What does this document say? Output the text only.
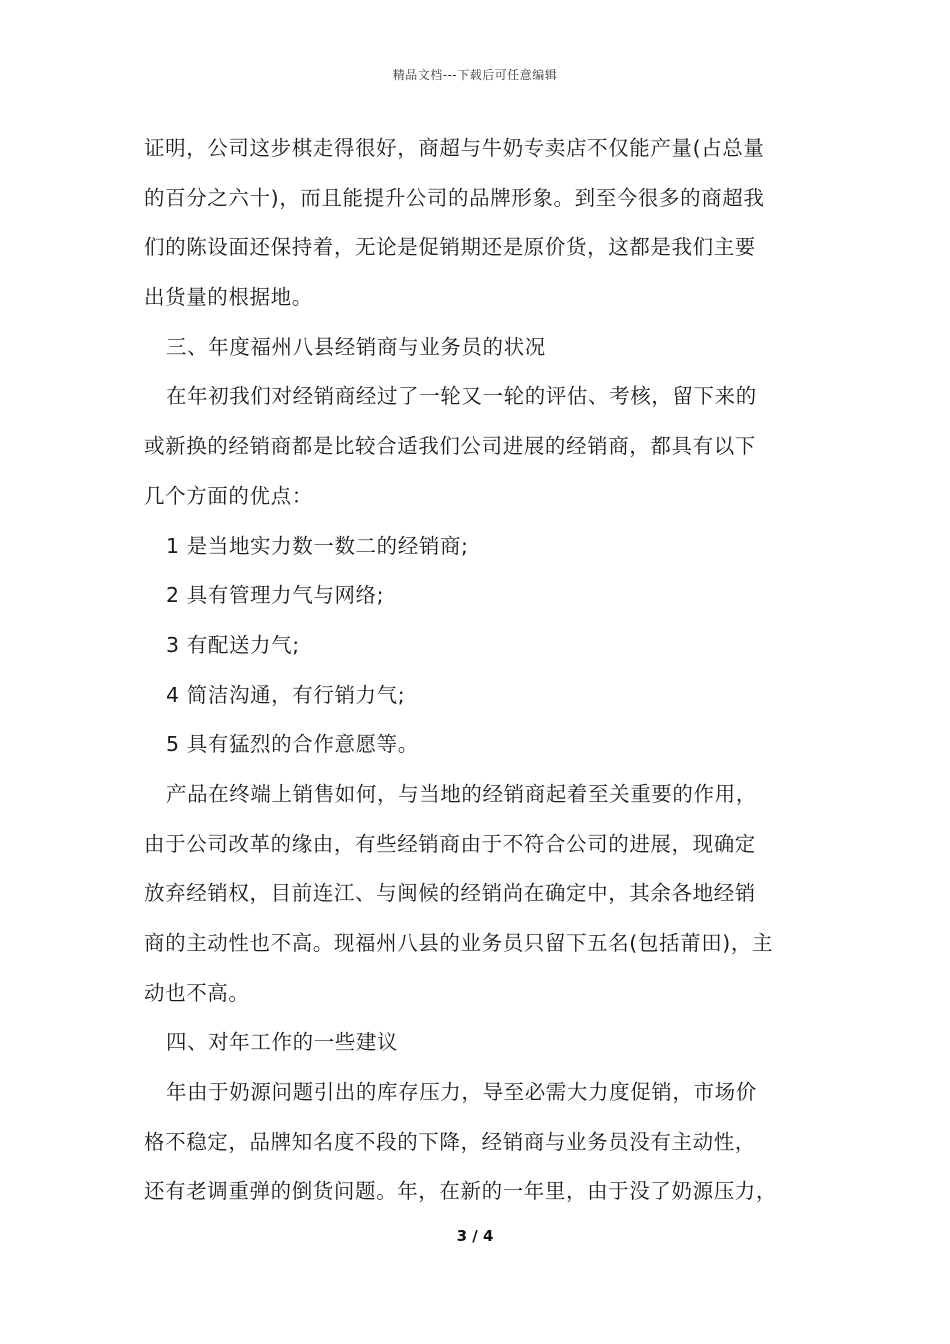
精品文档---下载后可任意编辑
证明，公司这步棋走得很好，商超与牛奶专卖店不仅能产量(占总量
的百分之六十)，而且能提升公司的品牌形象。到至今很多的商超我
们的陈设面还保持着，无论是促销期还是原价货，这都是我们主要
出货量的根据地。
三、年度福州八县经销商与业务员的状况
在年初我们对经销商经过了一轮又一轮的评估、考核，留下来的
或新换的经销商都是比较合适我们公司进展的经销商，都具有以下
几个方面的优点：
1 是当地实力数一数二的经销商;
2 具有管理力气与网络;
3 有配送力气;
4 简洁沟通，有行销力气;
5 具有猛烈的合作意愿等。
产品在终端上销售如何，与当地的经销商起着至关重要的作用，
由于公司改革的缘由，有些经销商由于不符合公司的进展，现确定
放弃经销权，目前连江、与闽候的经销尚在确定中，其余各地经销
商的主动性也不高。现福州八县的业务员只留下五名(包括莆田)，主
动也不高。
四、对年工作的一些建议
年由于奶源问题引出的库存压力，导至必需大力度促销，市场价
格不稳定，品牌知名度不段的下降，经销商与业务员没有主动性，
还有老调重弹的倒货问题。年，在新的一年里，由于没了奶源压力，
3 / 4
